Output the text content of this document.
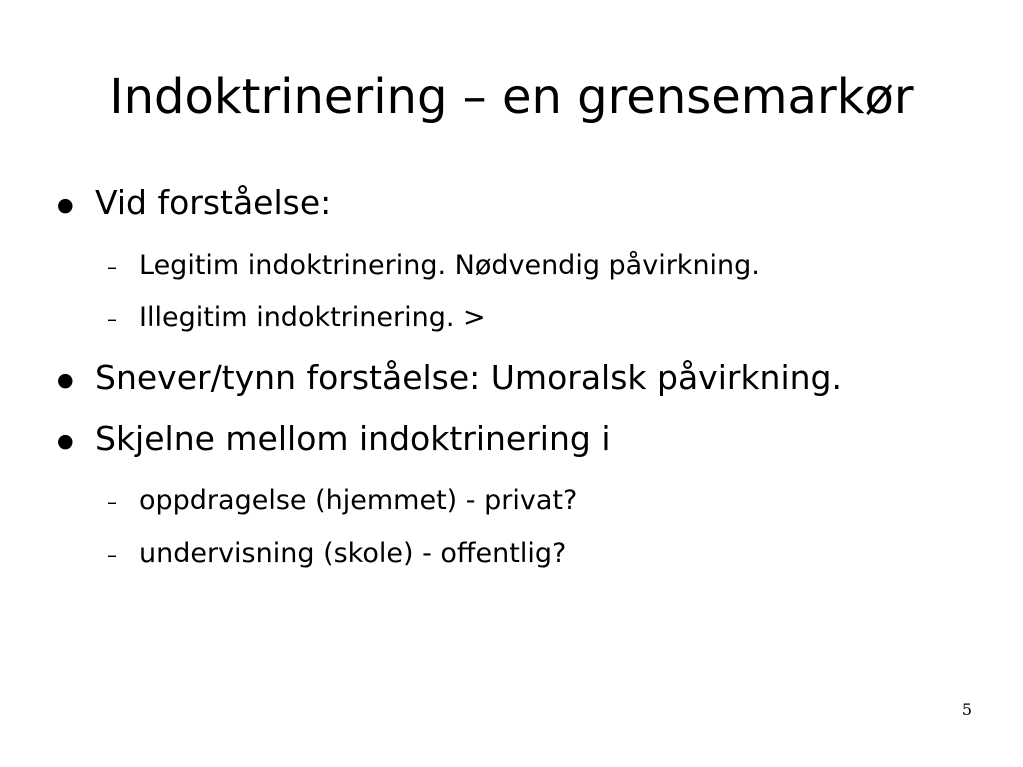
Indoktrinering – en grensemarkør
● Vid forståelse:
– Legitim indoktrinering. Nødvendig påvirkning.
– Illegitim indoktrinering. >
● Snever/tynn forståelse: Umoralsk påvirkning.
● Skjelne mellom indoktrinering i
– oppdragelse (hjemmet) - privat?
– undervisning (skole) - offentlig?
5
